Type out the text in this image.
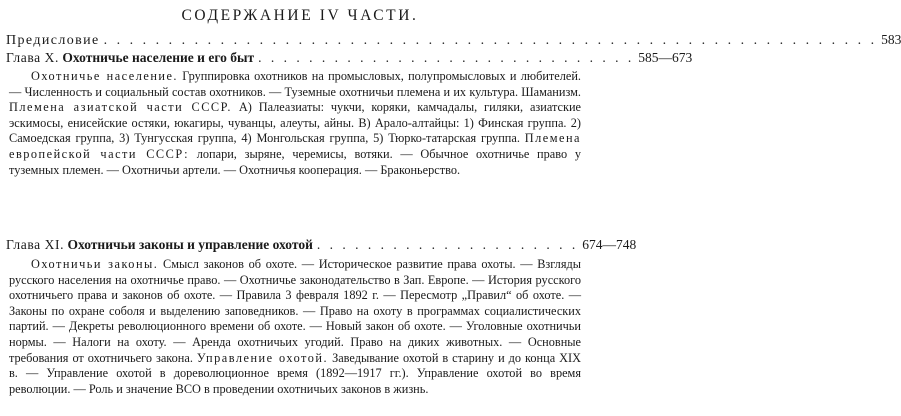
СОДЕРЖАНИЕ IV ЧАСТИ.
Предисловие . . . . . . . . . . . . . . . . . . . . . . . . . . . . . . . . . . . . . . . . . . . . . . . . . . . . . . . . . . . . 583
Глава X. Охотничье население и его быт . . . . . . . . . . . . . . . . . . . . . . . . . . . . . . 585—673
Охотничье население. Группировка охотников на промысловых, полупромысловых и любителей. — Численность и социальный состав охотников. — Туземные охотничьи племена и их культура. Шаманизм. Племена азиатской части СССР. А) Палеазиаты: чукчи, коряки, камчадалы, гиляки, азиатские эскимосы, енисейские остяки, юкагиры, чуванцы, алеуты, айны. В) Арало-алтайцы: 1) Финская группа. 2) Самоедская группа, 3) Тунгусская группа, 4) Монгольская группа, 5) Тюрко-татарская группа. Племена европейской части СССР: лопари, зыряне, черемисы, вотяки. — Обычное охотничье право у туземных племен. — Охотничьи артели. — Охотничья кооперация. — Браконьерство.
Глава XI. Охотничьи законы и управление охотой . . . . . . . . . . . . . . . . . . . . . 674—748
Охотничьи законы. Смысл законов об охоте. — Историческое развитие права охоты. — Взгляды русского населения на охотничье право. — Охотничье законодательство в Зап. Европе. — История русского охотничьего права и законов об охоте. — Правила 3 февраля 1892 г. — Пересмотр „Правил“ об охоте. — Законы по охране соболя и выделению заповедников. — Право на охоту в программах социалистических партий. — Декреты революционного времени об охоте. — Новый закон об охоте. — Уголовные охотничьи нормы. — Налоги на охоту. — Аренда охотничьих угодий. Право на диких животных. — Основные требования от охотничьего закона. Управление охотой. Заведывание охотой в старину и до конца XIX в. — Управление охотой в дореволюционное время (1892—1917 гг.). Управление охотой во время революции. — Роль и значение ВСО в проведении охотничьих законов в жизнь.
